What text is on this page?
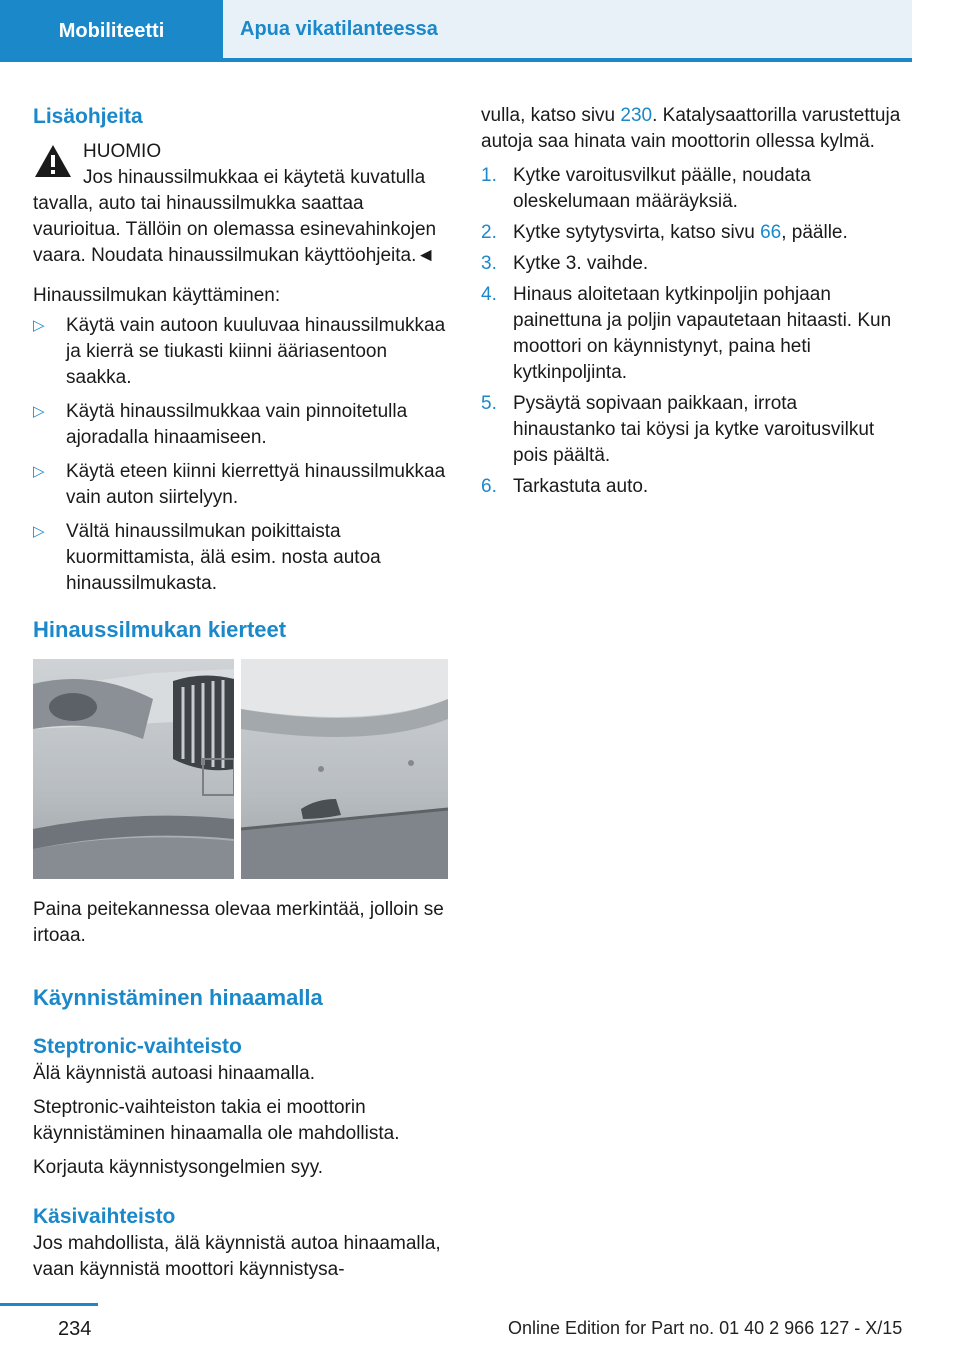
Mobiliteetti	Apua vikatilanteessa

Lisäohjeita

HUOMIO

Jos hinaussilmukkaa ei käytetä kuvatulla tavalla, auto tai hinaussilmukka saattaa vaurioitua. Tällöin on olemassa esinevahinkojen vaara. Noudata hinaussilmukan käyttöohjeita.◄

Hinaussilmukan käyttäminen:

▷ Käytä vain autoon kuuluvaa hinaussilmukkaa ja kierrä se tiukasti kiinni ääriasentoon saakka.
▷ Käytä hinaussilmukkaa vain pinnoitetulla ajoradalla hinaamiseen.
▷ Käytä eteen kiinni kierrettyä hinaussilmukkaa vain auton siirtelyyn.
▷ Vältä hinaussilmukan poikittaista kuormittamista, älä esim. nosta autoa hinaussilmukasta.

Hinaussilmukan kierteet

Paina peitekannessa olevaa merkintää, jolloin se irtoaa.

Käynnistäminen hinaamalla

Steptronic-vaihteisto

Älä käynnistä autoasi hinaamalla.

Steptronic-vaihteiston takia ei moottorin käynnistäminen hinaamalla ole mahdollista.

Korjauta käynnistysongelmien syy.

Käsivaihteisto

Jos mahdollista, älä käynnistä autoa hinaamalla, vaan käynnistä moottori käynnistysa-

vulla, katso sivu 230. Katalysaattorilla varustettuja autoja saa hinata vain moottorin ollessa kylmä.

1. Kytke varoitusvilkut päälle, noudata oleskelumaan määräyksiä.
2. Kytke sytytysvirta, katso sivu 66, päälle.
3. Kytke 3. vaihde.
4. Hinaus aloitetaan kytkinpoljin pohjaan painettuna ja poljin vapautetaan hitaasti. Kun moottori on käynnistynyt, paina heti kytkinpoljinta.
5. Pysäytä sopivaan paikkaan, irrota hinaustanko tai köysi ja kytke varoitusvilkut pois päältä.
6. Tarkastuta auto.
234	Online Edition for Part no. 01 40 2 966 127 - X/15
